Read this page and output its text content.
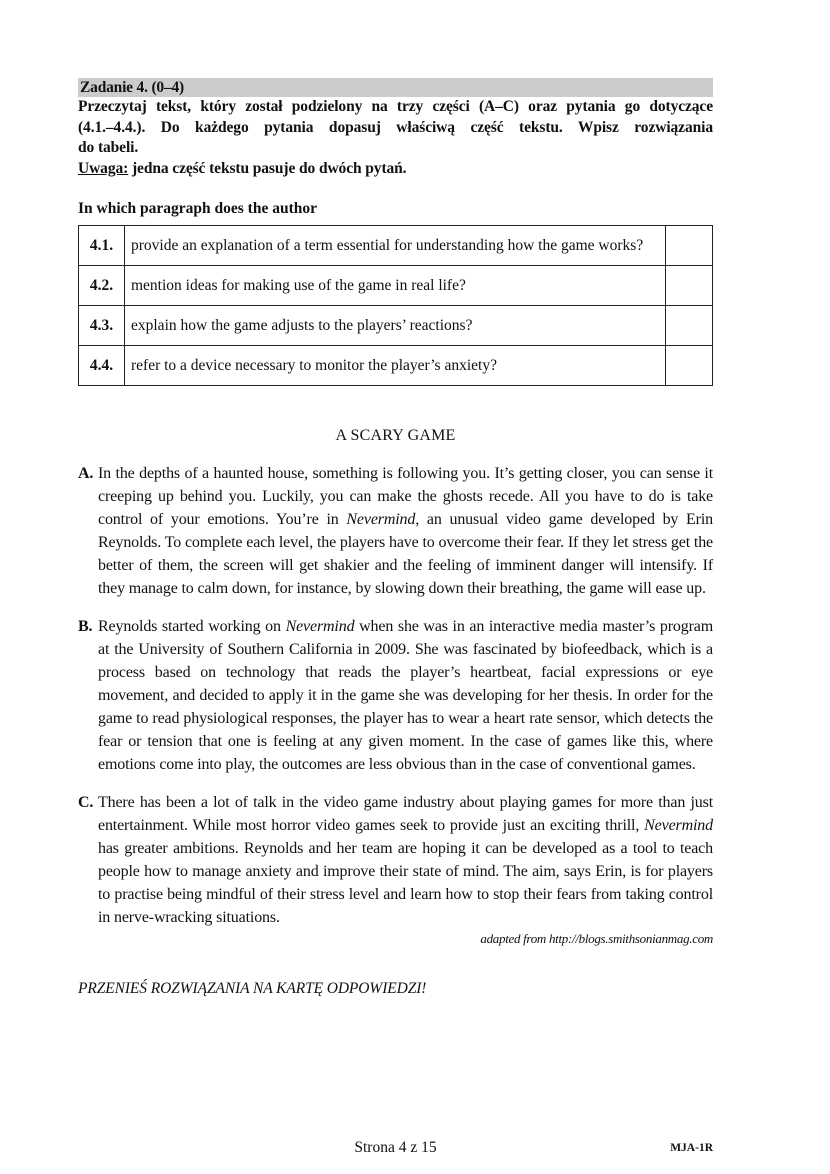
Zadanie 4. (0–4)
Przeczytaj tekst, który został podzielony na trzy części (A–C) oraz pytania go dotyczące
(4.1.–4.4.). Do każdego pytania dopasuj właściwą część tekstu. Wpisz rozwiązania
do tabeli.
Uwaga: jedna część tekstu pasuje do dwóch pytań.
In which paragraph does the author
4.1.	provide an explanation of a term essential for understanding how the game works?	
4.2.	mention ideas for making use of the game in real life?	
4.3.	explain how the game adjusts to the players’ reactions?	
4.4.	refer to a device necessary to monitor the player’s anxiety?	
A SCARY GAME
A. In the depths of a haunted house, something is following you. It’s getting closer, you can sense it creeping up behind you. Luckily, you can make the ghosts recede. All you have to do is take control of your emotions. You’re in Nevermind, an unusual video game developed by Erin Reynolds. To complete each level, the players have to overcome their fear. If they let stress get the better of them, the screen will get shakier and the feeling of imminent danger will intensify. If they manage to calm down, for instance, by slowing down their breathing, the game will ease up.
B. Reynolds started working on Nevermind when she was in an interactive media master’s program at the University of Southern California in 2009. She was fascinated by biofeedback, which is a process based on technology that reads the player’s heartbeat, facial expressions or eye movement, and decided to apply it in the game she was developing for her thesis. In order for the game to read physiological responses, the player has to wear a heart rate sensor, which detects the fear or tension that one is feeling at any given moment. In the case of games like this, where emotions come into play, the outcomes are less obvious than in the case of conventional games.
C. There has been a lot of talk in the video game industry about playing games for more than just entertainment. While most horror video games seek to provide just an exciting thrill, Nevermind has greater ambitions. Reynolds and her team are hoping it can be developed as a tool to teach people how to manage anxiety and improve their state of mind. The aim, says Erin, is for players to practise being mindful of their stress level and learn how to stop their fears from taking control in nerve-wracking situations.
adapted from http://blogs.smithsonianmag.com
PRZENIEŚ ROZWIĄZANIA NA KARTĘ ODPOWIEDZI!
Strona 4 z 15	MJA-1R
